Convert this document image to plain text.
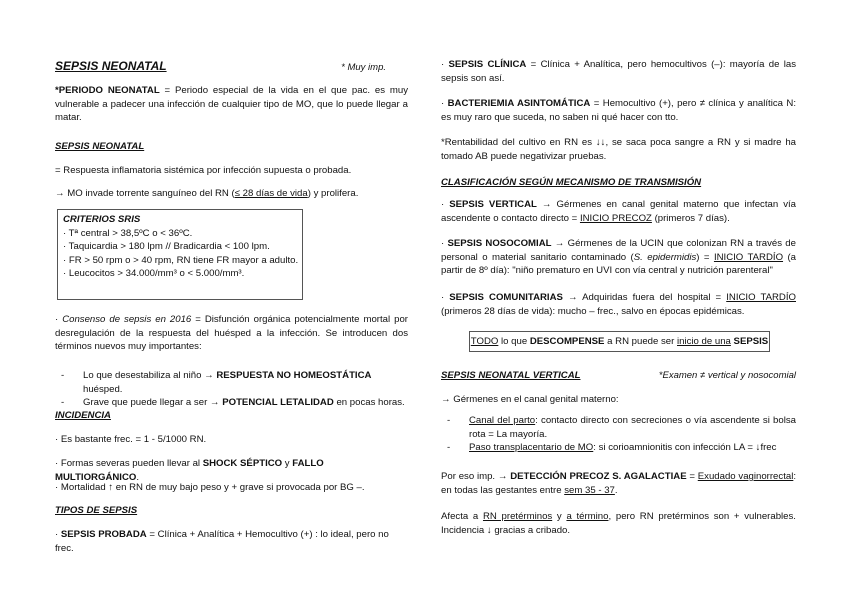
SEPSIS NEONATAL	* Muy imp.
*PERIODO NEONATAL = Periodo especial de la vida en el que pac. es muy vulnerable a padecer una infección de cualquier tipo de MO, que lo puede llegar a matar.
SEPSIS NEONATAL
= Respuesta inflamatoria sistémica por infección supuesta o probada.
→ MO invade torrente sanguíneo del RN (≤ 28 días de vida) y prolifera.
CRITERIOS SRIS
· Tª central > 38,5ºC o < 36ºC.
· Taquicardia > 180 lpm // Bradicardia < 100 lpm.
· FR > 50 rpm o > 40 rpm, RN tiene FR mayor a adulto.
· Leucocitos > 34.000/mm³ o < 5.000/mm³.
· Consenso de sepsis en 2016 = Disfunción orgánica potencialmente mortal por desregulación de la respuesta del huésped a la infección. Se introducen dos términos nuevos muy importantes:
- Lo que desestabiliza al niño → RESPUESTA NO HOMEOSTÁTICA huésped.
- Grave que puede llegar a ser → POTENCIAL LETALIDAD en pocas horas.
INCIDENCIA
· Es bastante frec. = 1 - 5/1000 RN.
· Formas severas pueden llevar al SHOCK SÉPTICO y FALLO MULTIORGÁNICO.
· Mortalidad ↑ en RN de muy bajo peso y + grave si provocada por BG –.
TIPOS DE SEPSIS
· SEPSIS PROBADA = Clínica + Analítica + Hemocultivo (+) : lo ideal, pero no frec.
· SEPSIS CLÍNICA = Clínica + Analítica, pero hemocultivos (–): mayoría de las sepsis son así.
· BACTERIEMIA ASINTOMÁTICA = Hemocultivo (+), pero ≠ clínica y analítica N: es muy raro que suceda, no saben ni qué hacer con tto.
*Rentabilidad del cultivo en RN es ↓↓, se saca poca sangre a RN y si madre ha tomado AB puede negativizar pruebas.
CLASIFICACIÓN SEGÚN MECANISMO DE TRANSMISIÓN
· SEPSIS VERTICAL → Gérmenes en canal genital materno que infectan vía ascendente o contacto directo = INICIO PRECOZ (primeros 7 días).
· SEPSIS NOSOCOMIAL → Gérmenes de la UCIN que colonizan RN a través de personal o material sanitario contaminado (S. epidermidis) = INICIO TARDÍO (a partir de 8º día): "niño prematuro en UVI con vía central y nutrición parenteral"
· SEPSIS COMUNITARIAS → Adquiridas fuera del hospital = INICIO TARDÍO (primeros 28 días de vida): mucho – frec., salvo en épocas epidémicas.
TODO lo que DESCOMPENSE a RN puede ser inicio de una SEPSIS
SEPSIS NEONATAL VERTICAL	*Examen ≠ vertical y nosocomial
→ Gérmenes en el canal genital materno:
- Canal del parto: contacto directo con secreciones o vía ascendente si bolsa rota = La mayoría.
- Paso transplacentario de MO: si corioamnionitis con infección LA = ↓frec
Por eso imp. → DETECCIÓN PRECOZ S. AGALACTIAE = Exudado vaginorrectal: en todas las gestantes entre sem 35 - 37.
Afecta a RN pretérminos y a término, pero RN pretérminos son + vulnerables. Incidencia ↓ gracias a cribado.
